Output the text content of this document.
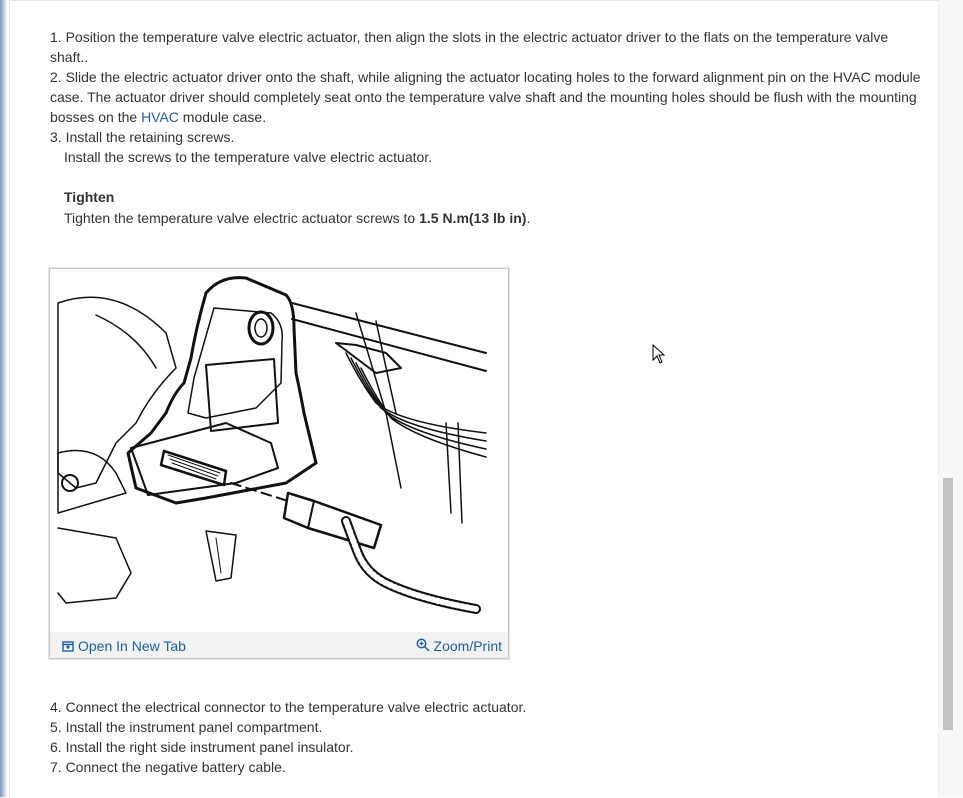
1. Position the temperature valve electric actuator, then align the slots in the electric actuator driver to the flats on the temperature valve shaft..
2. Slide the electric actuator driver onto the shaft, while aligning the actuator locating holes to the forward alignment pin on the HVAC module case. The actuator driver should completely seat onto the temperature valve shaft and the mounting holes should be flush with the mounting bosses on the HVAC module case.
3. Install the retaining screws.
Install the screws to the temperature valve electric actuator.
Tighten
Tighten the temperature valve electric actuator screws to 1.5 N.m(13 lb in).
Open In New Tab	Zoom/Print
4. Connect the electrical connector to the temperature valve electric actuator.
5. Install the instrument panel compartment.
6. Install the right side instrument panel insulator.
7. Connect the negative battery cable.
